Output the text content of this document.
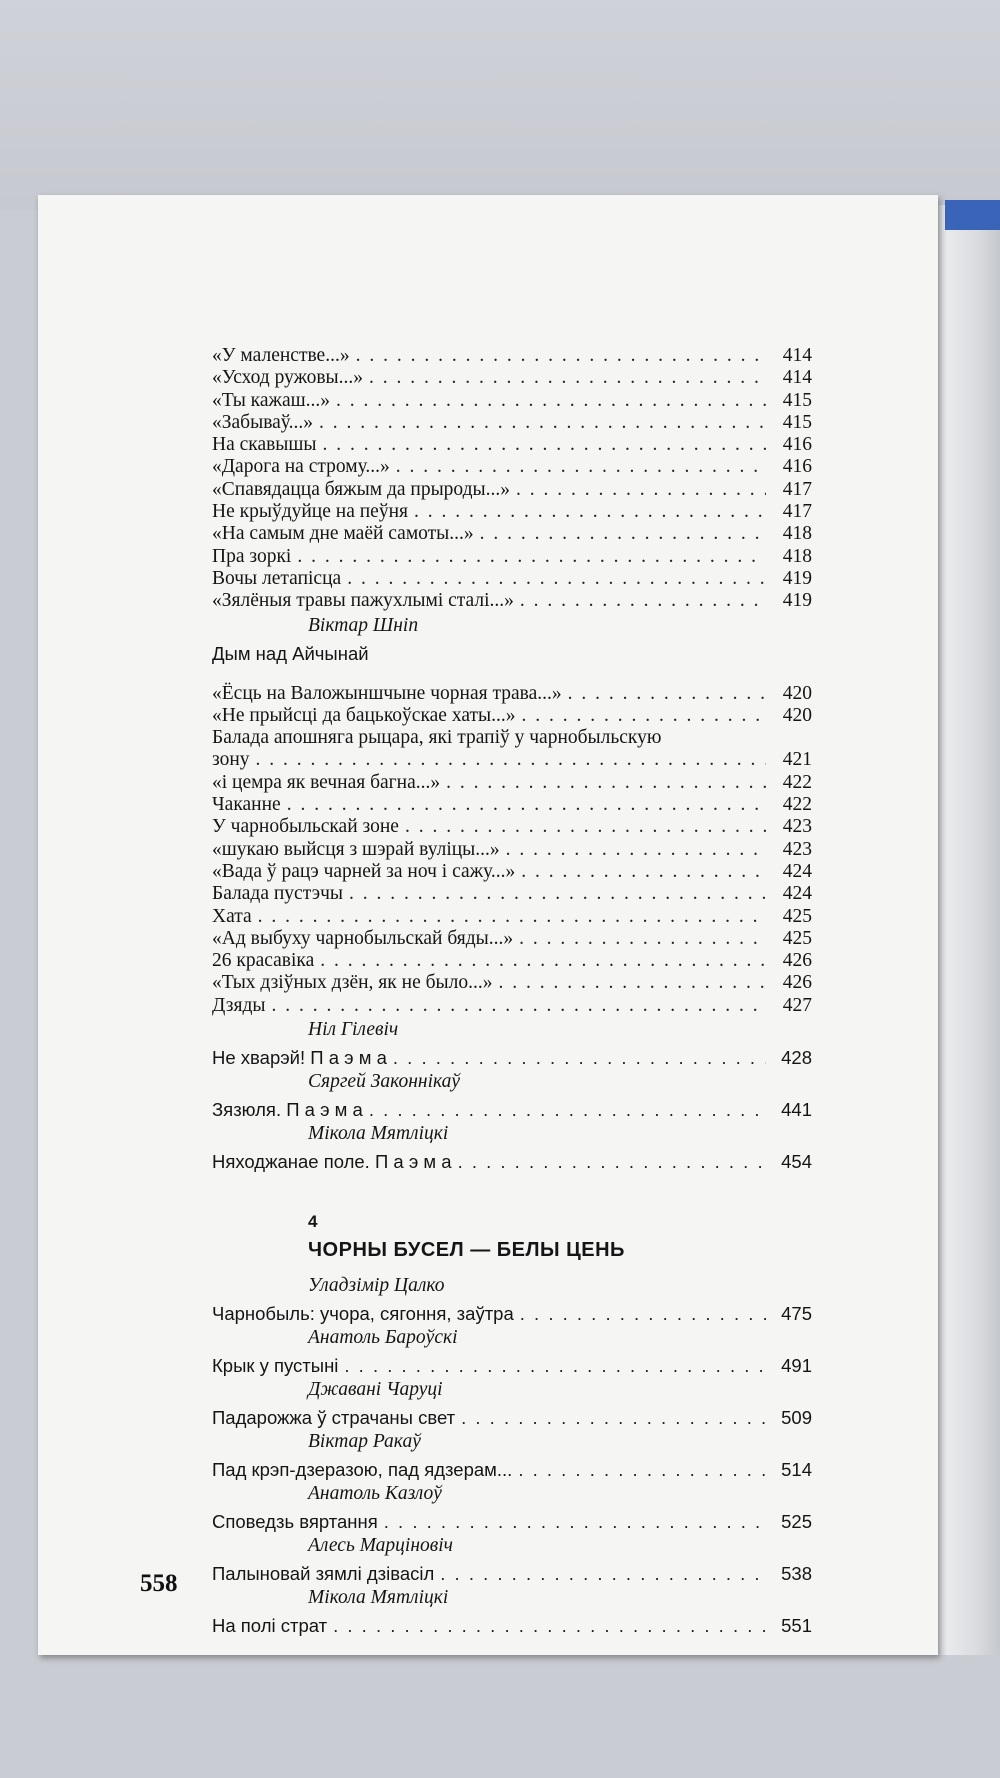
«У маленстве...» . . .	414
«Усход ружовы...» . . .	414
«Ты кажаш...» . . .	415
«Забываў...» . . .	415
На скавышы . . .	416
«Дарога на строму...» . . .	416
«Спавядацца бяжым да прыроды...» . . .	417
Не крыўдуйце на пеўня . . .	417
«На самым дне маёй самоты...» . . .	418
Пра зоркі . . .	418
Вочы летапісца . . .	419
«Зялёныя травы пажухлымі сталі...» . . .	419
Віктар Шніп
Дым над Айчынай
«Ёсць на Валожыншчыне чорная трава...» . . .	420
«Не прыйсці да бацькоўскае хаты...» . . .	420
Балада апошняга рыцара, які трапіў у чарнобыльскую
зону . . .	421
«і цемра як вечная багна...» . . .	422
Чаканне . . .	422
У чарнобыльскай зоне . . .	423
«шукаю выйсця з шэрай вуліцы...» . . .	423
«Вада ў рацэ чарней за ноч і сажу...» . . .	424
Балада пустэчы . . .	424
Хата . . .	425
«Ад выбуху чарнобыльскай бяды...» . . .	425
26 красавіка . . .	426
«Тых дзіўных дзён, як не было...» . . .	426
Дзяды . . .	427
Ніл Гілевіч
Не хварэй! П а э м а . . .	428
Сяргей Законнікаў
Зязюля. П а э м а . . .	441
Мікола Мятліцкі
Няходжанае поле. П а э м а . . .	454
4
ЧОРНЫ БУСЕЛ — БЕЛЫ ЦЕНЬ
Уладзімір Цалко
Чарнобыль: учора, сягоння, заўтра . . .	475
Анатоль Бароўскі
Крык у пустыні . . .	491
Джавані Чаруці
Падарожжа ў страчаны свет . . .	509
Віктар Ракаў
Пад крэп-дзеразою, пад ядзерам... . . .	514
Анатоль Казлоў
Споведзь вяртання . . .	525
Алесь Марціновіч
Палыновай зямлі дзівасіл . . .	538
Мікола Мятліцкі
На полі страт . . .	551
558
